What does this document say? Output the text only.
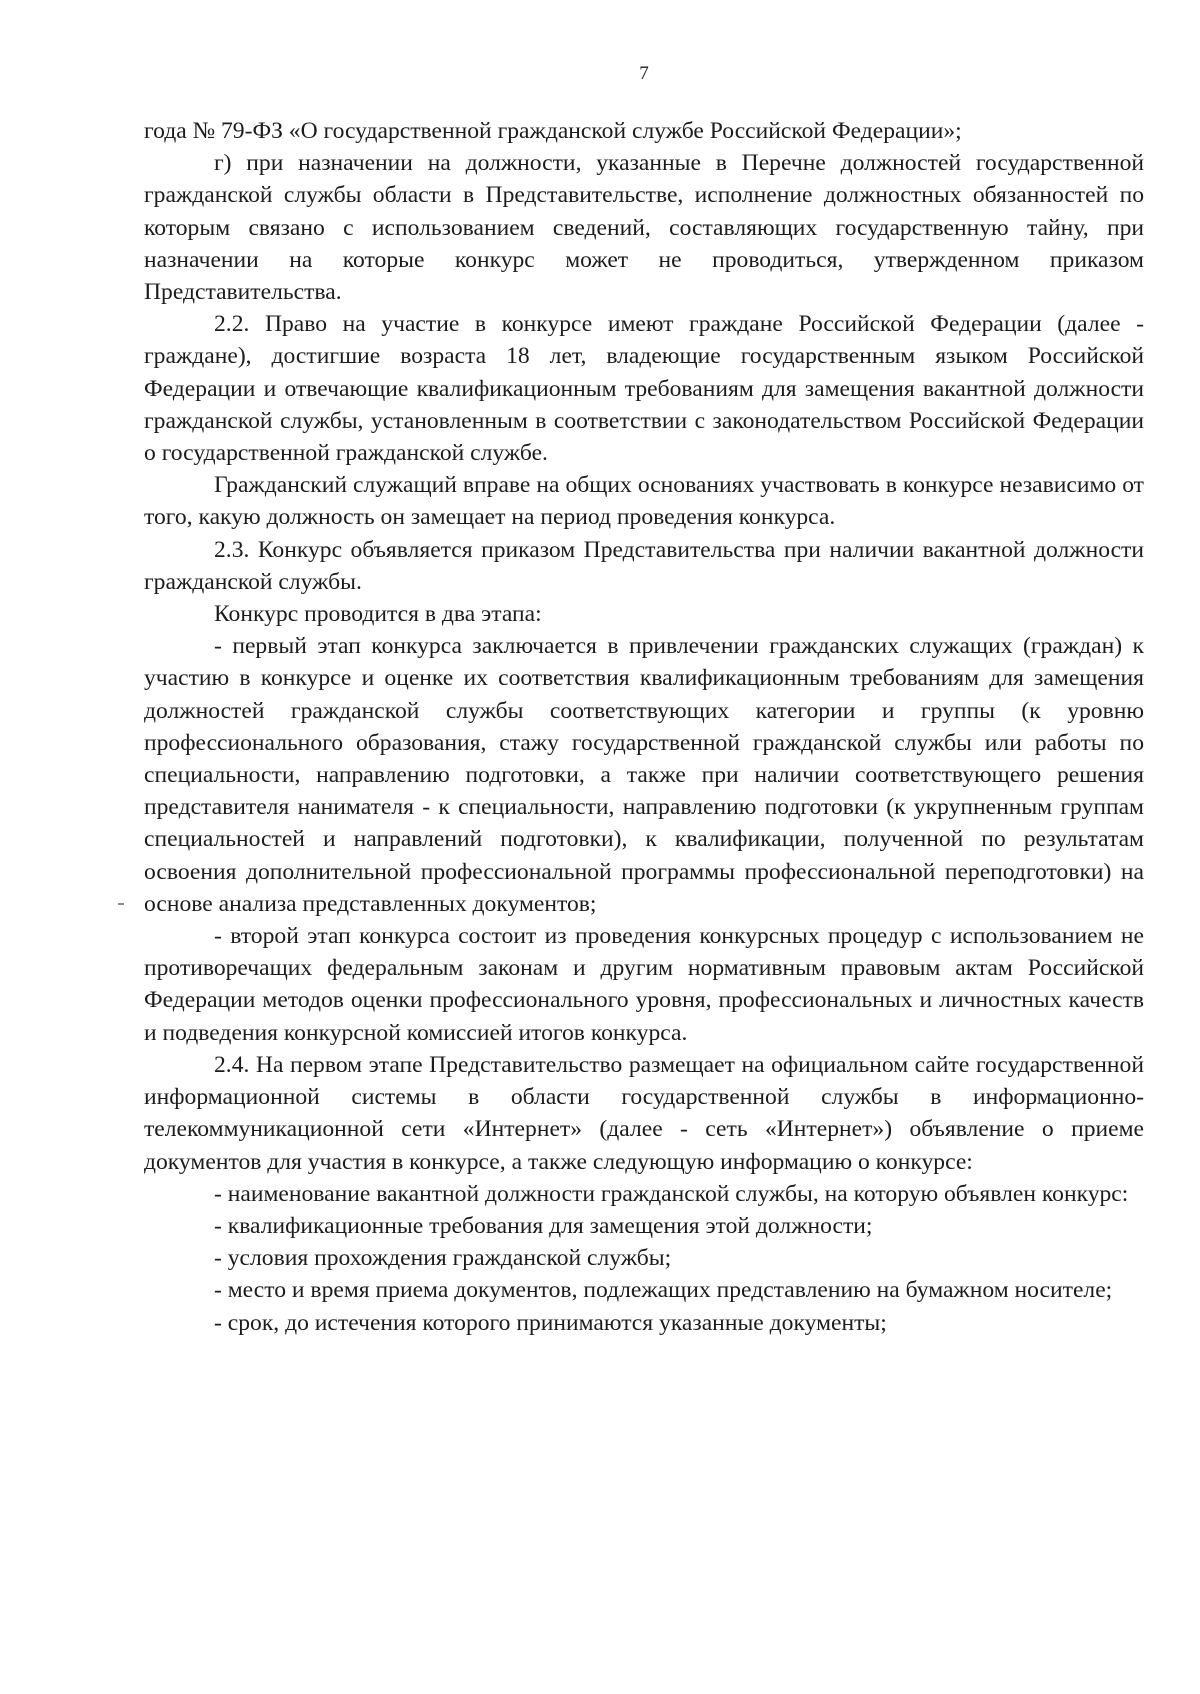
7

года № 79-ФЗ «О государственной гражданской службе Российской Федерации»;

г) при назначении на должности, указанные в Перечне должностей государственной гражданской службы области в Представительстве, исполнение должностных обязанностей по которым связано с использованием сведений, составляющих государственную тайну, при назначении на которые конкурс может не проводиться, утвержденном приказом Представительства.

2.2. Право на участие в конкурсе имеют граждане Российской Федерации (далее - граждане), достигшие возраста 18 лет, владеющие государственным языком Российской Федерации и отвечающие квалификационным требованиям для замещения вакантной должности гражданской службы, установленным в соответствии с законодательством Российской Федерации о государственной гражданской службе.

Гражданский служащий вправе на общих основаниях участвовать в конкурсе независимо от того, какую должность он замещает на период проведения конкурса.

2.3. Конкурс объявляется приказом Представительства при наличии вакантной должности гражданской службы.

Конкурс проводится в два этапа:

- первый этап конкурса заключается в привлечении гражданских служащих (граждан) к участию в конкурсе и оценке их соответствия квалификационным требованиям для замещения должностей гражданской службы соответствующих категории и группы (к уровню профессионального образования, стажу государственной гражданской службы или работы по специальности, направлению подготовки, а также при наличии соответствующего решения представителя нанимателя - к специальности, направлению подготовки (к укрупненным группам специальностей и направлений подготовки), к квалификации, полученной по результатам освоения дополнительной профессиональной программы профессиональной переподготовки) на основе анализа представленных документов;

- второй этап конкурса состоит из проведения конкурсных процедур с использованием не противоречащих федеральным законам и другим нормативным правовым актам Российской Федерации методов оценки профессионального уровня, профессиональных и личностных качеств и подведения конкурсной комиссией итогов конкурса.

2.4. На первом этапе Представительство размещает на официальном сайте государственной информационной системы в области государственной службы в информационно-телекоммуникационной сети «Интернет» (далее - сеть «Интернет») объявление о приеме документов для участия в конкурсе, а также следующую информацию о конкурсе:

- наименование вакантной должности гражданской службы, на которую объявлен конкурс:

- квалификационные требования для замещения этой должности;

- условия прохождения гражданской службы;

- место и время приема документов, подлежащих представлению на бумажном носителе;

- срок, до истечения которого принимаются указанные документы;
